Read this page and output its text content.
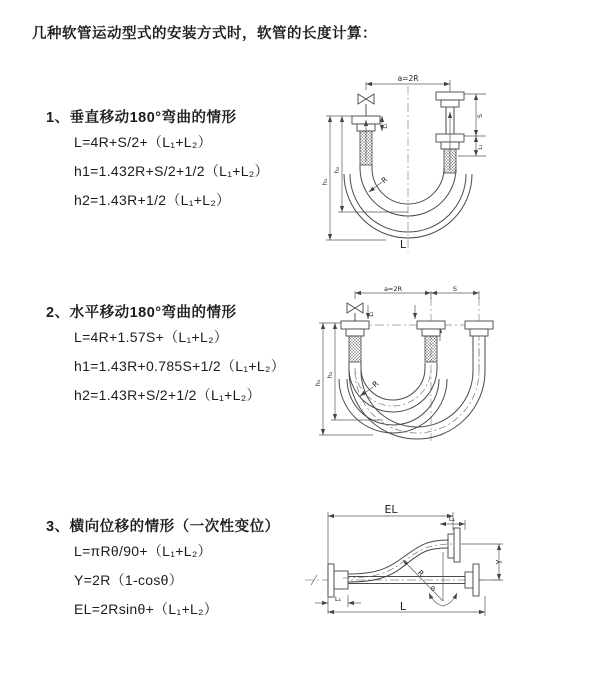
几种软管运动型式的安装方式时，软管的长度计算：
1、垂直移动180°弯曲的情形
L=4R+S/2+（L₁+L₂）
h1=1.432R+S/2+1/2（L₁+L₂）
h2=1.43R+1/2（L₁+L₂）
a=2R
L₁
S
L₁
h₁
h₂
R
L
2、水平移动180°弯曲的情形
L=4R+1.57S+（L₁+L₂）
h1=1.43R+0.785S+1/2（L₁+L₂）
h2=1.43R+S/2+1/2（L₁+L₂）
a=2R	S
L₁
h₁
h₂
R
3、横向位移的情形（一次性变位）
L=πRθ/90+（L₁+L₂）
Y=2R（1-cosθ）
EL=2Rsinθ+（L₁+L₂）
EL
L₁
R
θ
L₁
L
Y
